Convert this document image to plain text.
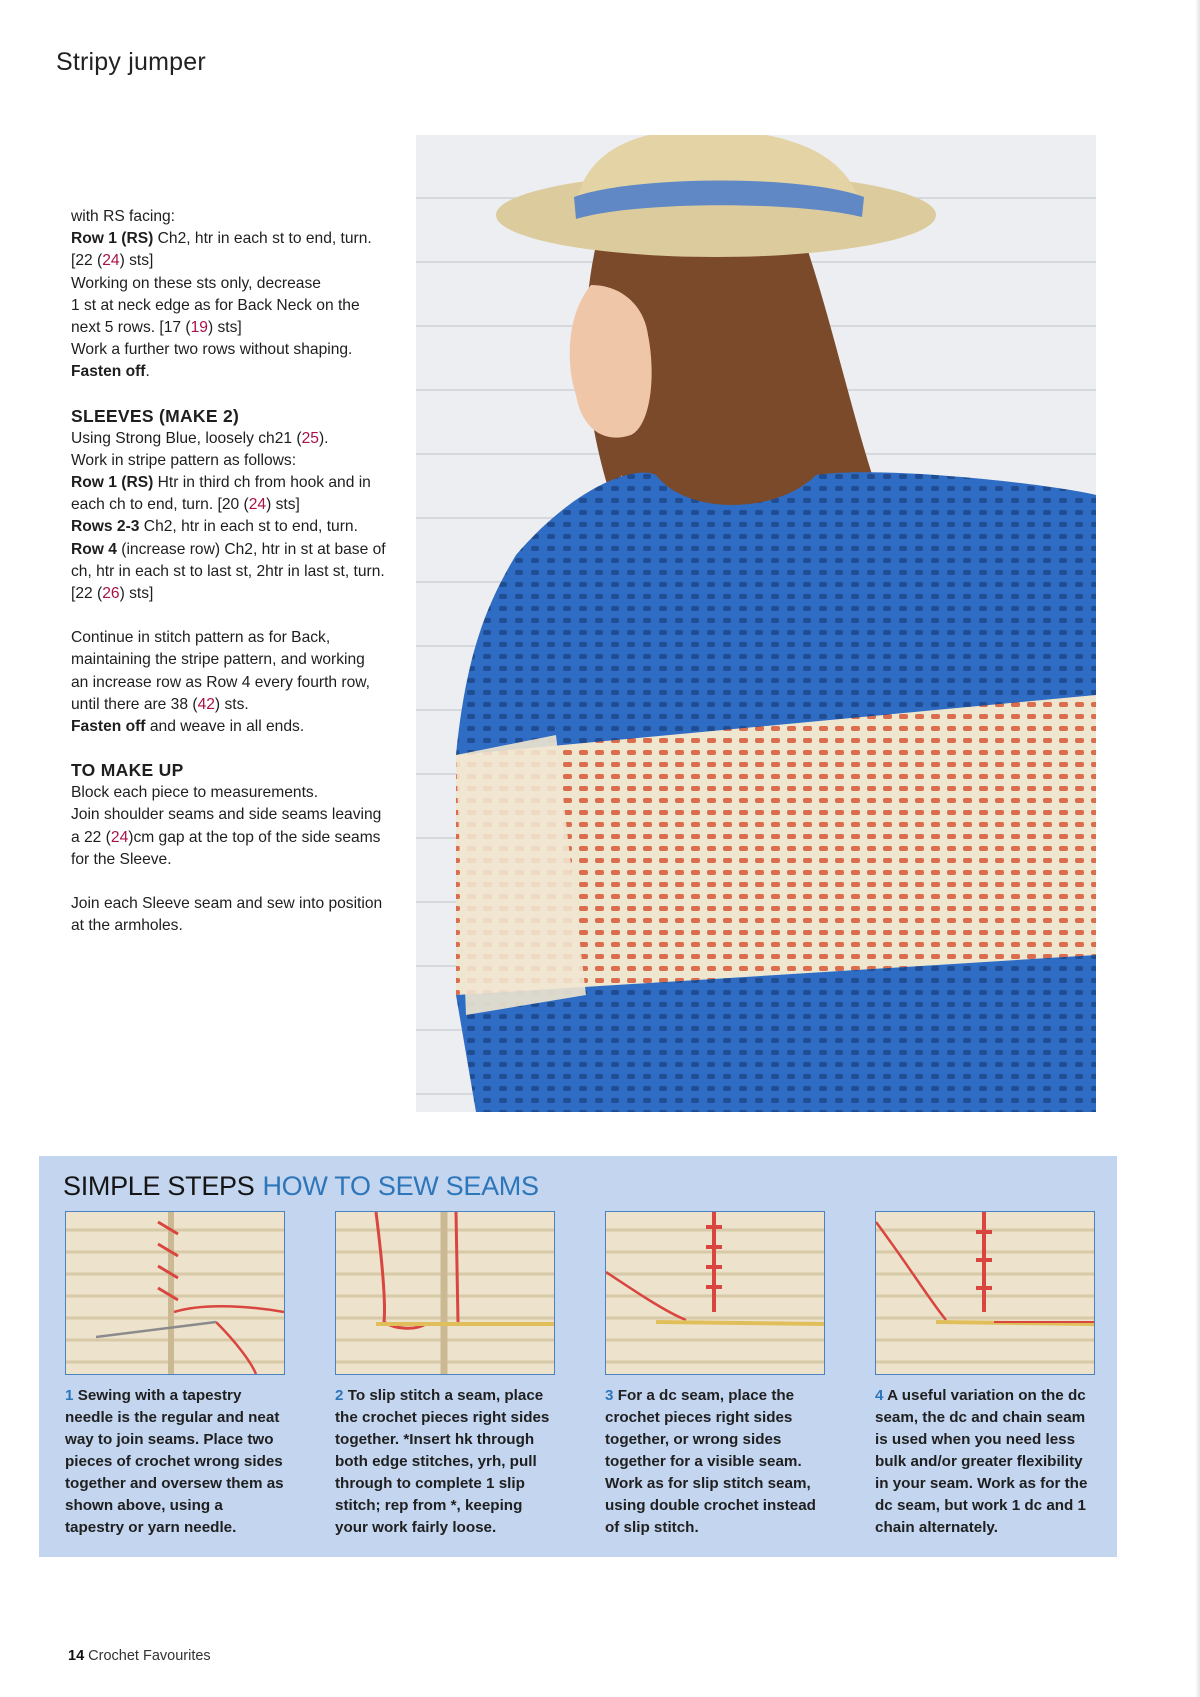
Stripy jumper

with RS facing:

Row 1 (RS) Ch2, htr in each st to end, turn.

[22 (24) sts]

Working on these sts only, decrease

1 st at neck edge as for Back Neck on the

next 5 rows. [17 (19) sts]

Work a further two rows without shaping.

Fasten off.

SLEEVES (MAKE 2)

Using Strong Blue, loosely ch21 (25).

Work in stripe pattern as follows:

Row 1 (RS) Htr in third ch from hook and in

each ch to end, turn. [20 (24) sts]

Rows 2-3 Ch2, htr in each st to end, turn.

Row 4 (increase row) Ch2, htr in st at base of

ch, htr in each st to last st, 2htr in last st, turn.

[22 (26) sts]

Continue in stitch pattern as for Back,

maintaining the stripe pattern, and working

an increase row as Row 4 every fourth row,

until there are 38 (42) sts.

Fasten off and weave in all ends.

TO MAKE UP

Block each piece to measurements.

Join shoulder seams and side seams leaving

a 22 (24)cm gap at the top of the side seams

for the Sleeve.

Join each Sleeve seam and sew into position

at the armholes.

SIMPLE STEPS HOW TO SEW SEAMS
1 Sewing with a tapestry needle is the regular and neat way to join seams. Place two pieces of crochet wrong sides together and oversew them as shown above, using a tapestry or yarn needle.
2 To slip stitch a seam, place the crochet pieces right sides together. *Insert hk through both edge stitches, yrh, pull through to complete 1 slip stitch; rep from *, keeping your work fairly loose.
3 For a dc seam, place the crochet pieces right sides together, or wrong sides together for a visible seam. Work as for slip stitch seam, using double crochet instead of slip stitch.
4 A useful variation on the dc seam, the dc and chain seam is used when you need less bulk and/or greater flexibility in your seam. Work as for the dc seam, but work 1 dc and 1 chain alternately.
14 Crochet Favourites
